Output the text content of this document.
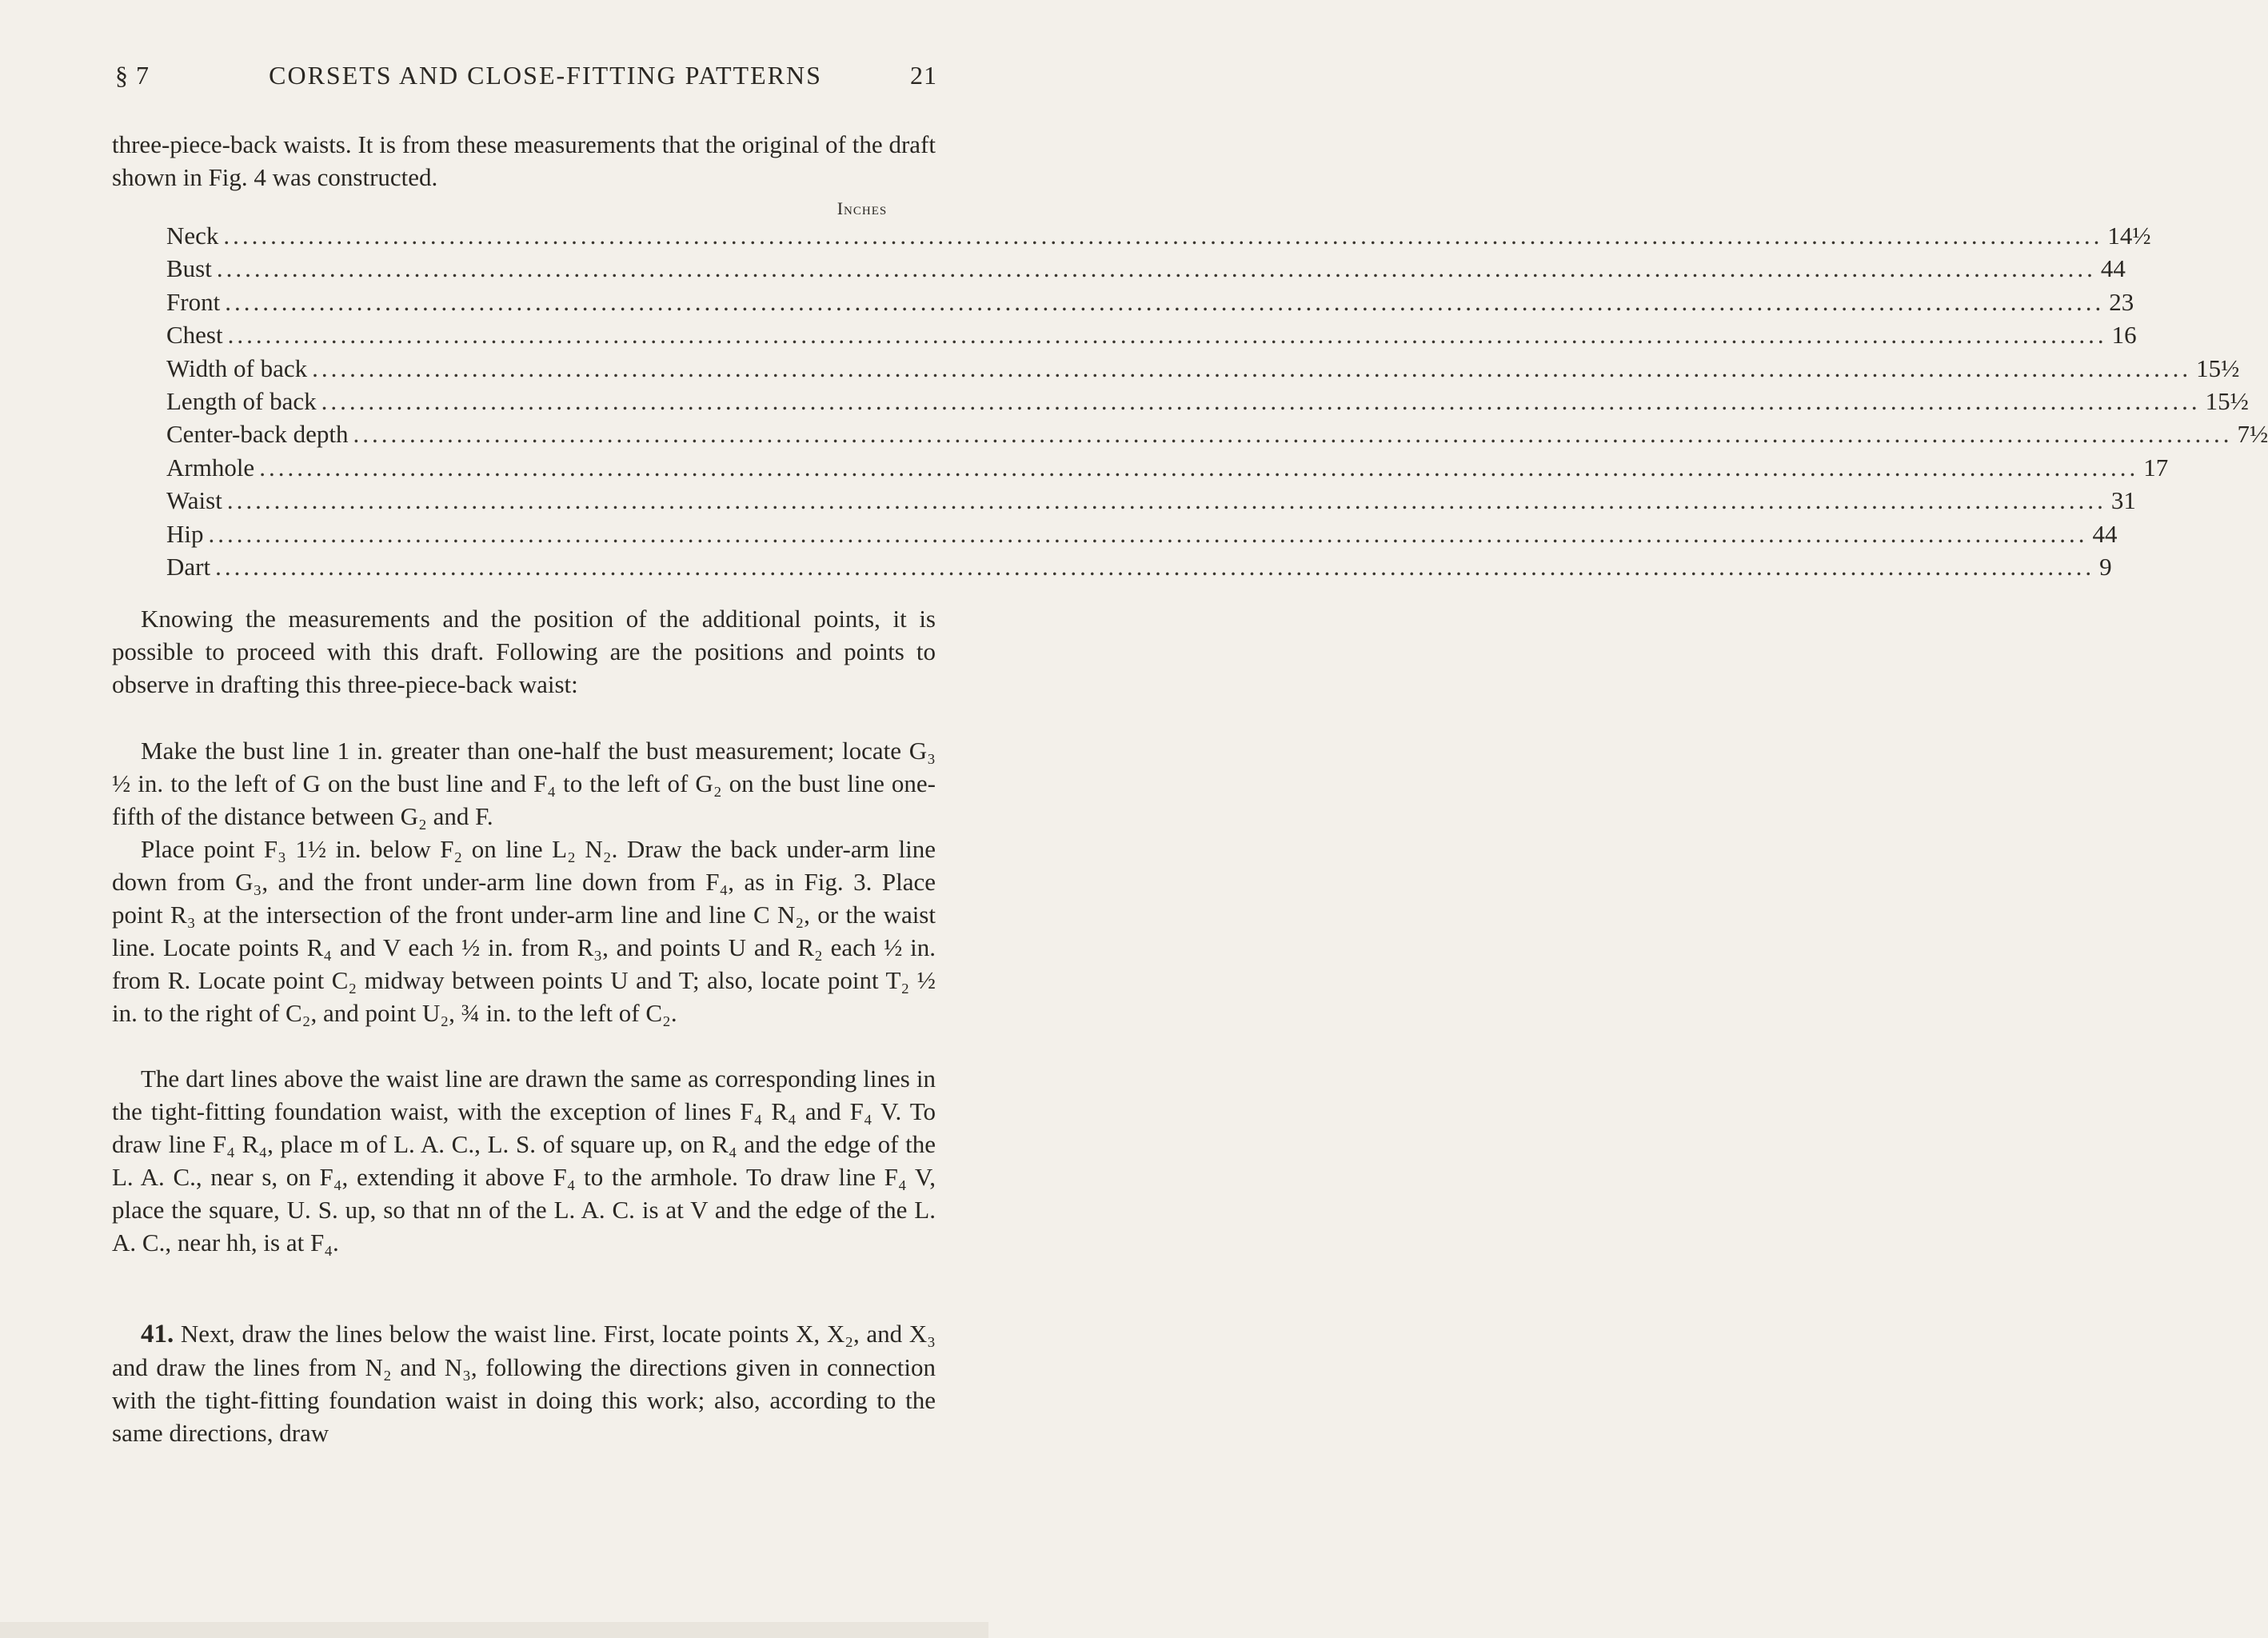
§ 7	CORSETS AND CLOSE-FITTING PATTERNS	21

three-piece-back waists. It is from these measurements that the original of the draft shown in Fig. 4 was constructed.

Inches
Neck ........................................................................................................................................................................................................ 14½
Bust ........................................................................................................................................................................................................ 44
Front ........................................................................................................................................................................................................ 23
Chest ........................................................................................................................................................................................................ 16
Width of back ........................................................................................................................................................................................................ 15½
Length of back ........................................................................................................................................................................................................ 15½
Center-back depth ........................................................................................................................................................................................................ 7½
Armhole ........................................................................................................................................................................................................ 17
Waist ........................................................................................................................................................................................................ 31
Hip ........................................................................................................................................................................................................ 44
Dart ........................................................................................................................................................................................................ 9

Knowing the measurements and the position of the additional points, it is possible to proceed with this draft. Following are the positions and points to observe in drafting this three-piece-back waist:

Make the bust line 1 in. greater than one-half the bust measurement; locate G₃ ½ in. to the left of G on the bust line and F₄ to the left of G₂ on the bust line one-fifth of the distance between G₂ and F.

Place point F₃ 1½ in. below F₂ on line L₂ N₂. Draw the back under-arm line down from G₃, and the front under-arm line down from F₄, as in Fig. 3. Place point R₃ at the intersection of the front under-arm line and line C N₂, or the waist line. Locate points R₄ and V each ½ in. from R₃, and points U and R₂ each ½ in. from R. Locate point C₂ midway between points U and T; also, locate point T₂ ½ in. to the right of C₂, and point U₂, ¾ in. to the left of C₂.

The dart lines above the waist line are drawn the same as corresponding lines in the tight-fitting foundation waist, with the exception of lines F₄ R₄ and F₄ V. To draw line F₄ R₄, place m of L. A. C., L. S. of square up, on R₄ and the edge of the L. A. C., near s, on F₄, extending it above F₄ to the armhole. To draw line F₄ V, place the square, U. S. up, so that nn of the L. A. C. is at V and the edge of the L. A. C., near hh, is at F₄.

41. Next, draw the lines below the waist line. First, locate points X, X₂, and X₃ and draw the lines from N₂ and N₃, following the directions given in connection with the tight-fitting foundation waist in doing this work; also, according to the same directions, draw
